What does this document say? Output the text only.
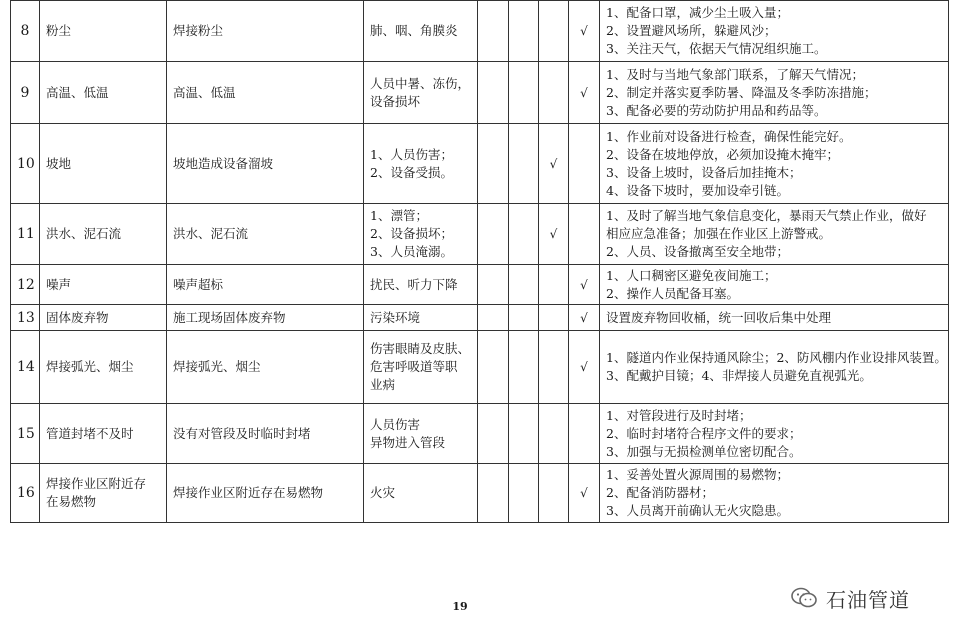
8	粉尘	焊接粉尘	肺、咽、角膜炎				√	1、配备口罩，减少尘土吸入量；
2、设置避风场所，躲避风沙；
3、关注天气，依据天气情况组织施工。

9	高温、低温	高温、低温	人员中暑、冻伤，
设备损坏				√	1、及时与当地气象部门联系，了解天气情况；
2、制定并落实夏季防暑、降温及冬季防冻措施；
3、配备必要的劳动防护用品和药品等。

10	坡地	坡地造成设备溜坡	1、人员伤害；
2、设备受损。			√		1、作业前对设备进行检查，确保性能完好。
2、设备在坡地停放，必须加设掩木掩牢；
3、设备上坡时，设备后加挂掩木；
4、设备下坡时，要加设牵引链。

11	洪水、泥石流	洪水、泥石流	1、漂管；
2、设备损坏；
3、人员淹溺。			√		1、及时了解当地气象信息变化，暴雨天气禁止作业，做好
相应应急准备；加强在作业区上游警戒。
2、人员、设备撤离至安全地带；

12	噪声	噪声超标	扰民、听力下降				√	1、人口稠密区避免夜间施工；
2、操作人员配备耳塞。

13	固体废弃物	施工现场固体废弃物	污染环境				√	设置废弃物回收桶，统一回收后集中处理

14	焊接弧光、烟尘	焊接弧光、烟尘	伤害眼睛及皮肤、
危害呼吸道等职
业病				√	1、隧道内作业保持通风除尘；2、防风棚内作业设排风装置。
3、配戴护目镜；4、非焊接人员避免直视弧光。

15	管道封堵不及时	没有对管段及时临时封堵	人员伤害
异物进入管段					1、对管段进行及时封堵；
2、临时封堵符合程序文件的要求；
3、加强与无损检测单位密切配合。

16	焊接作业区附近存
在易燃物	焊接作业区附近存在易燃物	火灾				√	1、妥善处置火源周围的易燃物；
2、配备消防器材；
3、人员离开前确认无火灾隐患。
19	石油管道
